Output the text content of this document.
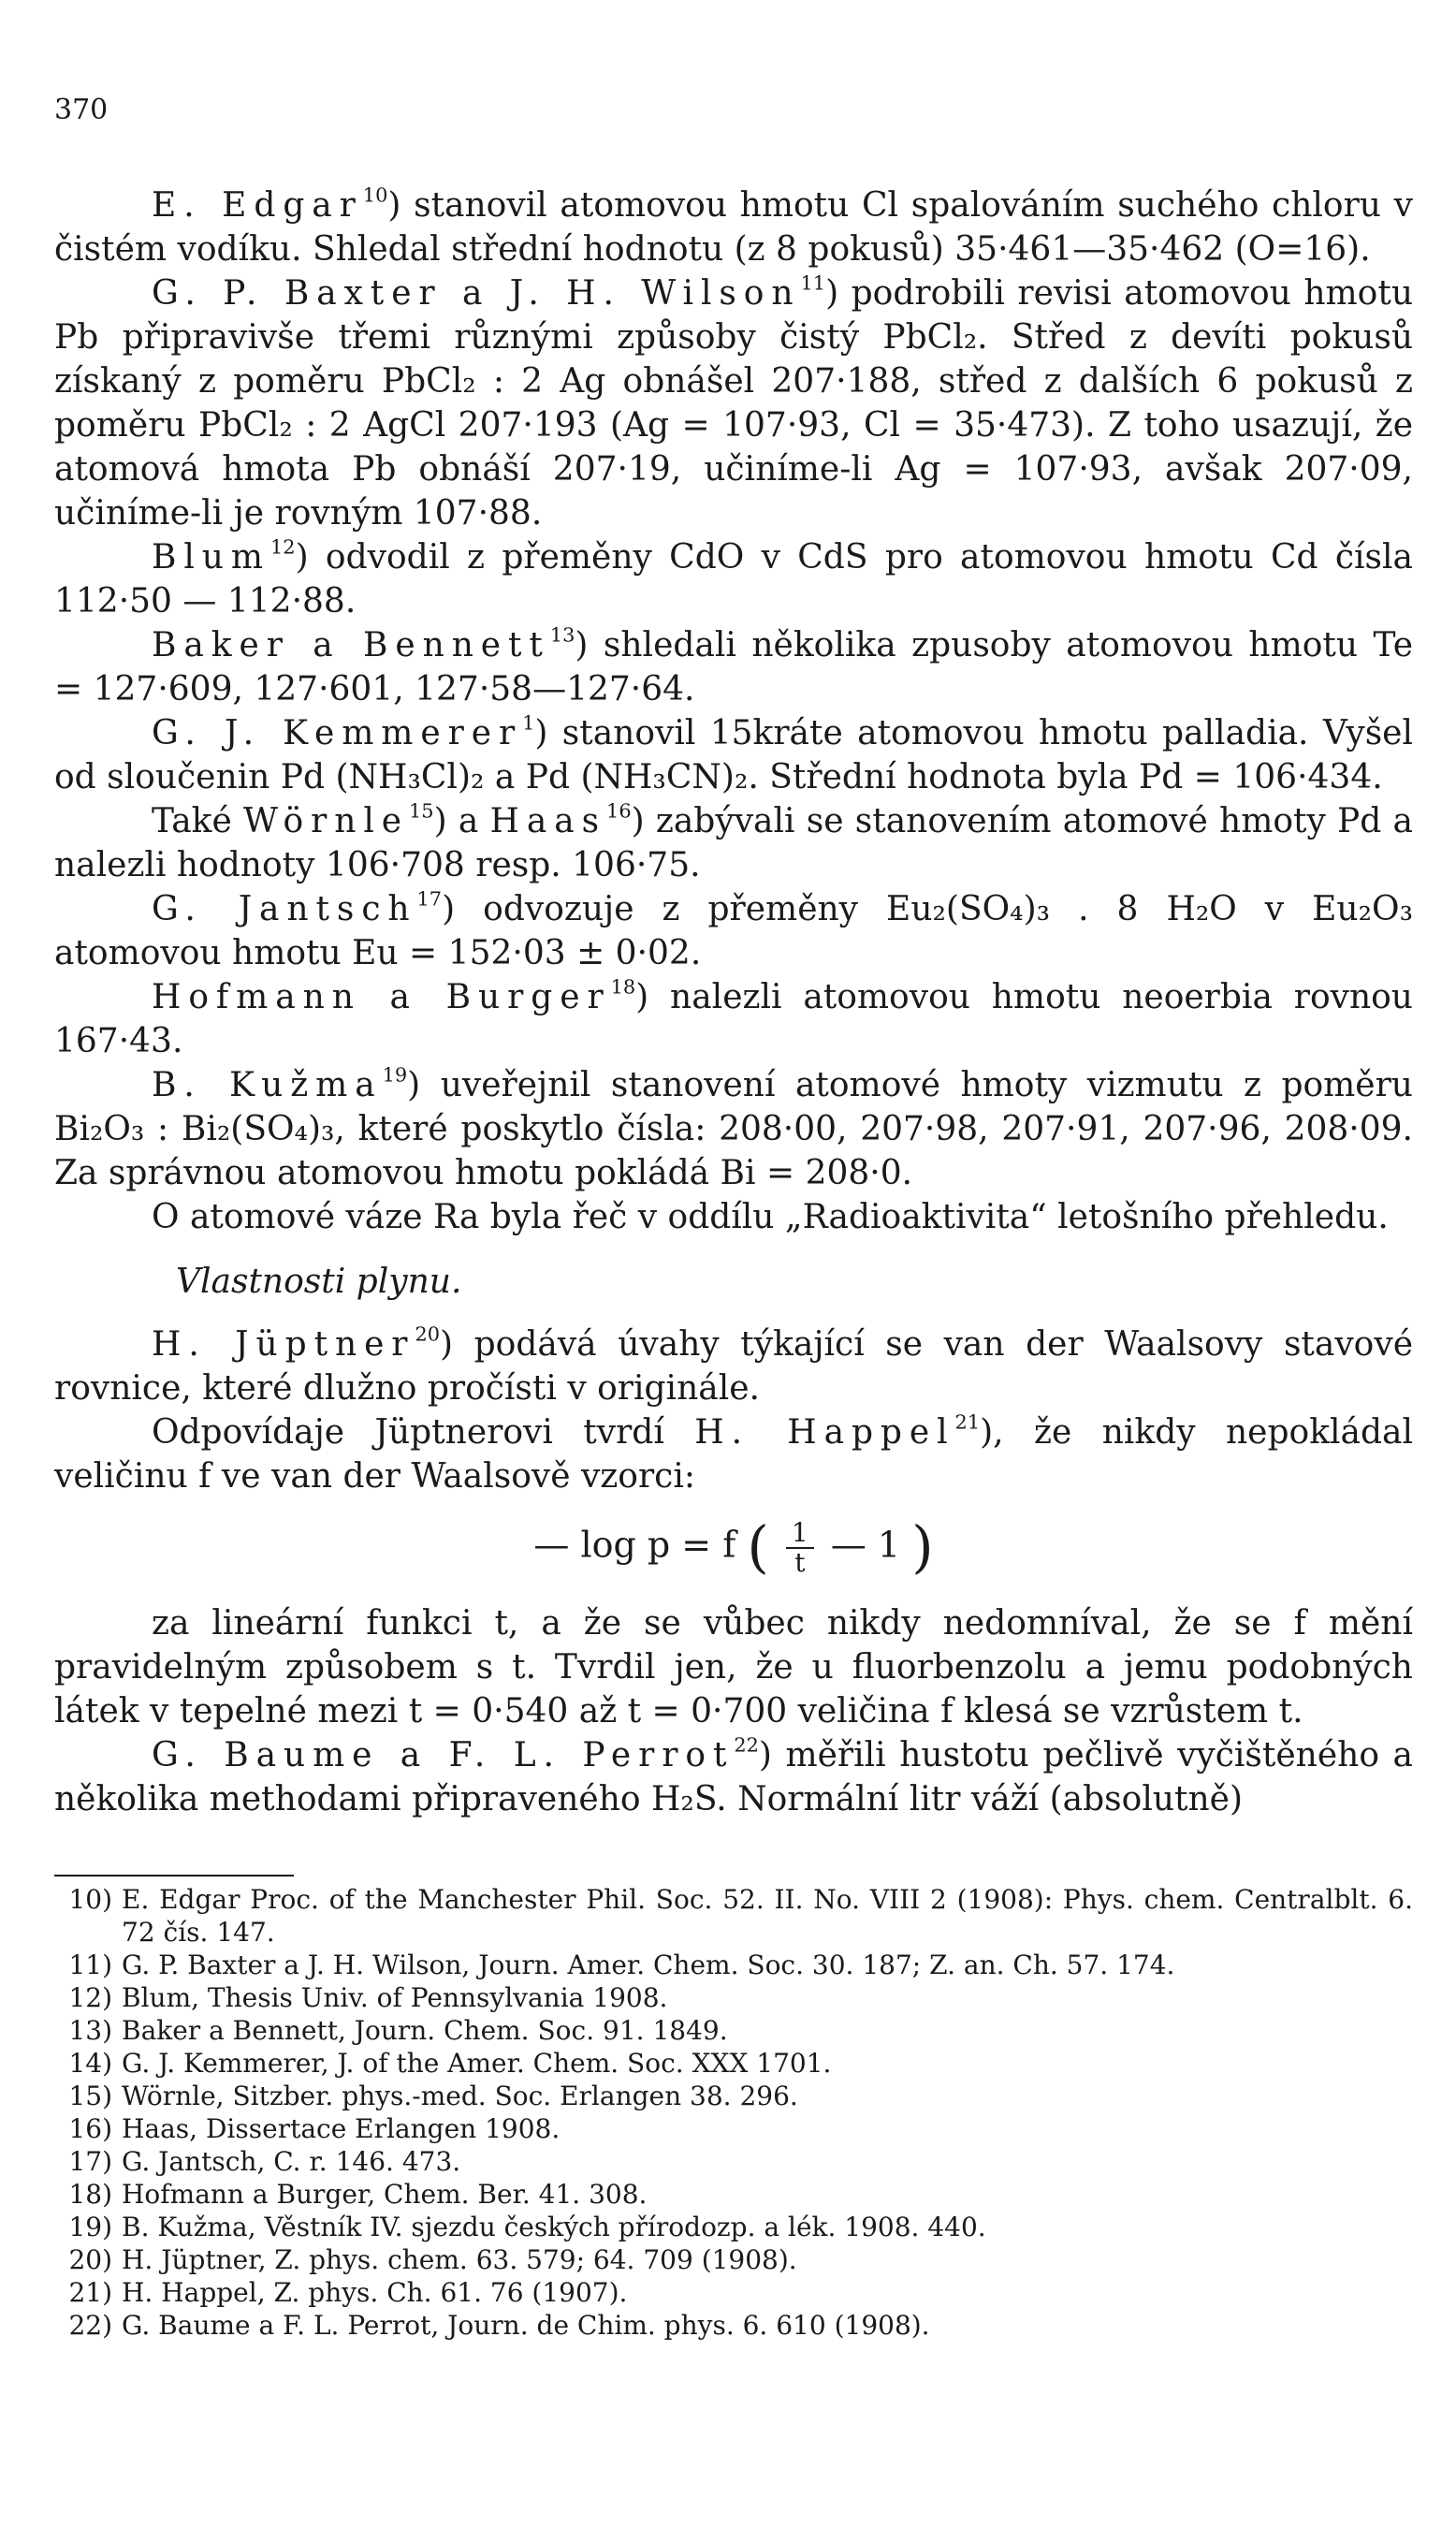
370

E. Edgar$^{10}$) stanovil atomovou hmotu Cl spalováním suchého chloru v čistém vodíku. Shledal střední hodnotu (z 8 pokusů) 35·461—35·462 (O=16).

G. P. Baxter a J. H. Wilson$^{11}$) podrobili revisi atomovou hmotu Pb připravivše třemi různými způsoby čistý PbCl₂. Střed z devíti pokusů získaný z poměru PbCl₂ : 2 Ag obnášel 207·188, střed z dalších 6 pokusů z poměru PbCl₂ : 2 AgCl 207·193 (Ag = 107·93, Cl = 35·473). Z toho usazují, že atomová hmota Pb obnáší 207·19, učiníme-li Ag = 107·93, avšak 207·09, učiníme-li je rovným 107·88.

Blum$^{12}$) odvodil z přeměny CdO v CdS pro atomovou hmotu Cd čísla 112·50 — 112·88.

Baker a Bennett$^{13}$) shledali několika zpusoby atomovou hmotu Te = 127·609, 127·601, 127·58—127·64.

G. J. Kemmerer$^1$) stanovil 15kráte atomovou hmotu palladia. Vyšel od sloučenin Pd (NH₃Cl)₂ a Pd (NH₃CN)₂. Střední hodnota byla Pd = 106·434.

Také Wörnle$^{15}$) a Haas$^{16}$) zabývali se stanovením atomové hmoty Pd a nalezli hodnoty 106·708 resp. 106·75.

G. Jantsch$^{17}$) odvozuje z přeměny Eu₂(SO₄)₃ . 8 H₂O v Eu₂O₃ atomovou hmotu Eu = 152·03 ± 0·02.

Hofmann a Burger$^{18}$) nalezli atomovou hmotu neoerbia rovnou 167·43.

B. Kužma$^{19}$) uveřejnil stanovení atomové hmoty vizmutu z poměru Bi₂O₃ : Bi₂(SO₄)₃, které poskytlo čísla: 208·00, 207·98, 207·91, 207·96, 208·09. Za správnou atomovou hmotu pokládá Bi = 208·0.

O atomové váze Ra byla řeč v oddílu „Radioaktivita“ letošního přehledu.

Vlastnosti plynu.

H. Jüptner$^{20}$) podává úvahy týkající se van der Waalsovy stavové rovnice, které dlužno pročísti v originále.

Odpovídaje Jüptnerovi tvrdí H. Happel$^{21}$), že nikdy nepokládal veličinu f ve van der Waalsově vzorci:

— log p = f ( $\frac{1}{t}$ — 1 )

za lineární funkci t, a že se vůbec nikdy nedomníval, že se f mění pravidelným způsobem s t. Tvrdil jen, že u fluorbenzolu a jemu podobných látek v tepelné mezi t = 0·540 až t = 0·700 veličina f klesá se vzrůstem t.

G. Baume a F. L. Perrot$^{22}$) měřili hustotu pečlivě vyčištěného a několika methodami připraveného H₂S. Normální litr váží (absolutně)

10) E. Edgar Proc. of the Manchester Phil. Soc. 52. II. No. VIII 2 (1908): Phys. chem. Centralblt. 6. 72 čís. 147.

11) G. P. Baxter a J. H. Wilson, Journ. Amer. Chem. Soc. 30. 187; Z. an. Ch. 57. 174.

12) Blum, Thesis Univ. of Pennsylvania 1908.

13) Baker a Bennett, Journ. Chem. Soc. 91. 1849.

14) G. J. Kemmerer, J. of the Amer. Chem. Soc. XXX 1701.

15) Wörnle, Sitzber. phys.-med. Soc. Erlangen 38. 296.

16) Haas, Dissertace Erlangen 1908.

17) G. Jantsch, C. r. 146. 473.

18) Hofmann a Burger, Chem. Ber. 41. 308.

19) B. Kužma, Věstník IV. sjezdu českých přírodozp. a lék. 1908. 440.

20) H. Jüptner, Z. phys. chem. 63. 579; 64. 709 (1908).

21) H. Happel, Z. phys. Ch. 61. 76 (1907).

22) G. Baume a F. L. Perrot, Journ. de Chim. phys. 6. 610 (1908).
